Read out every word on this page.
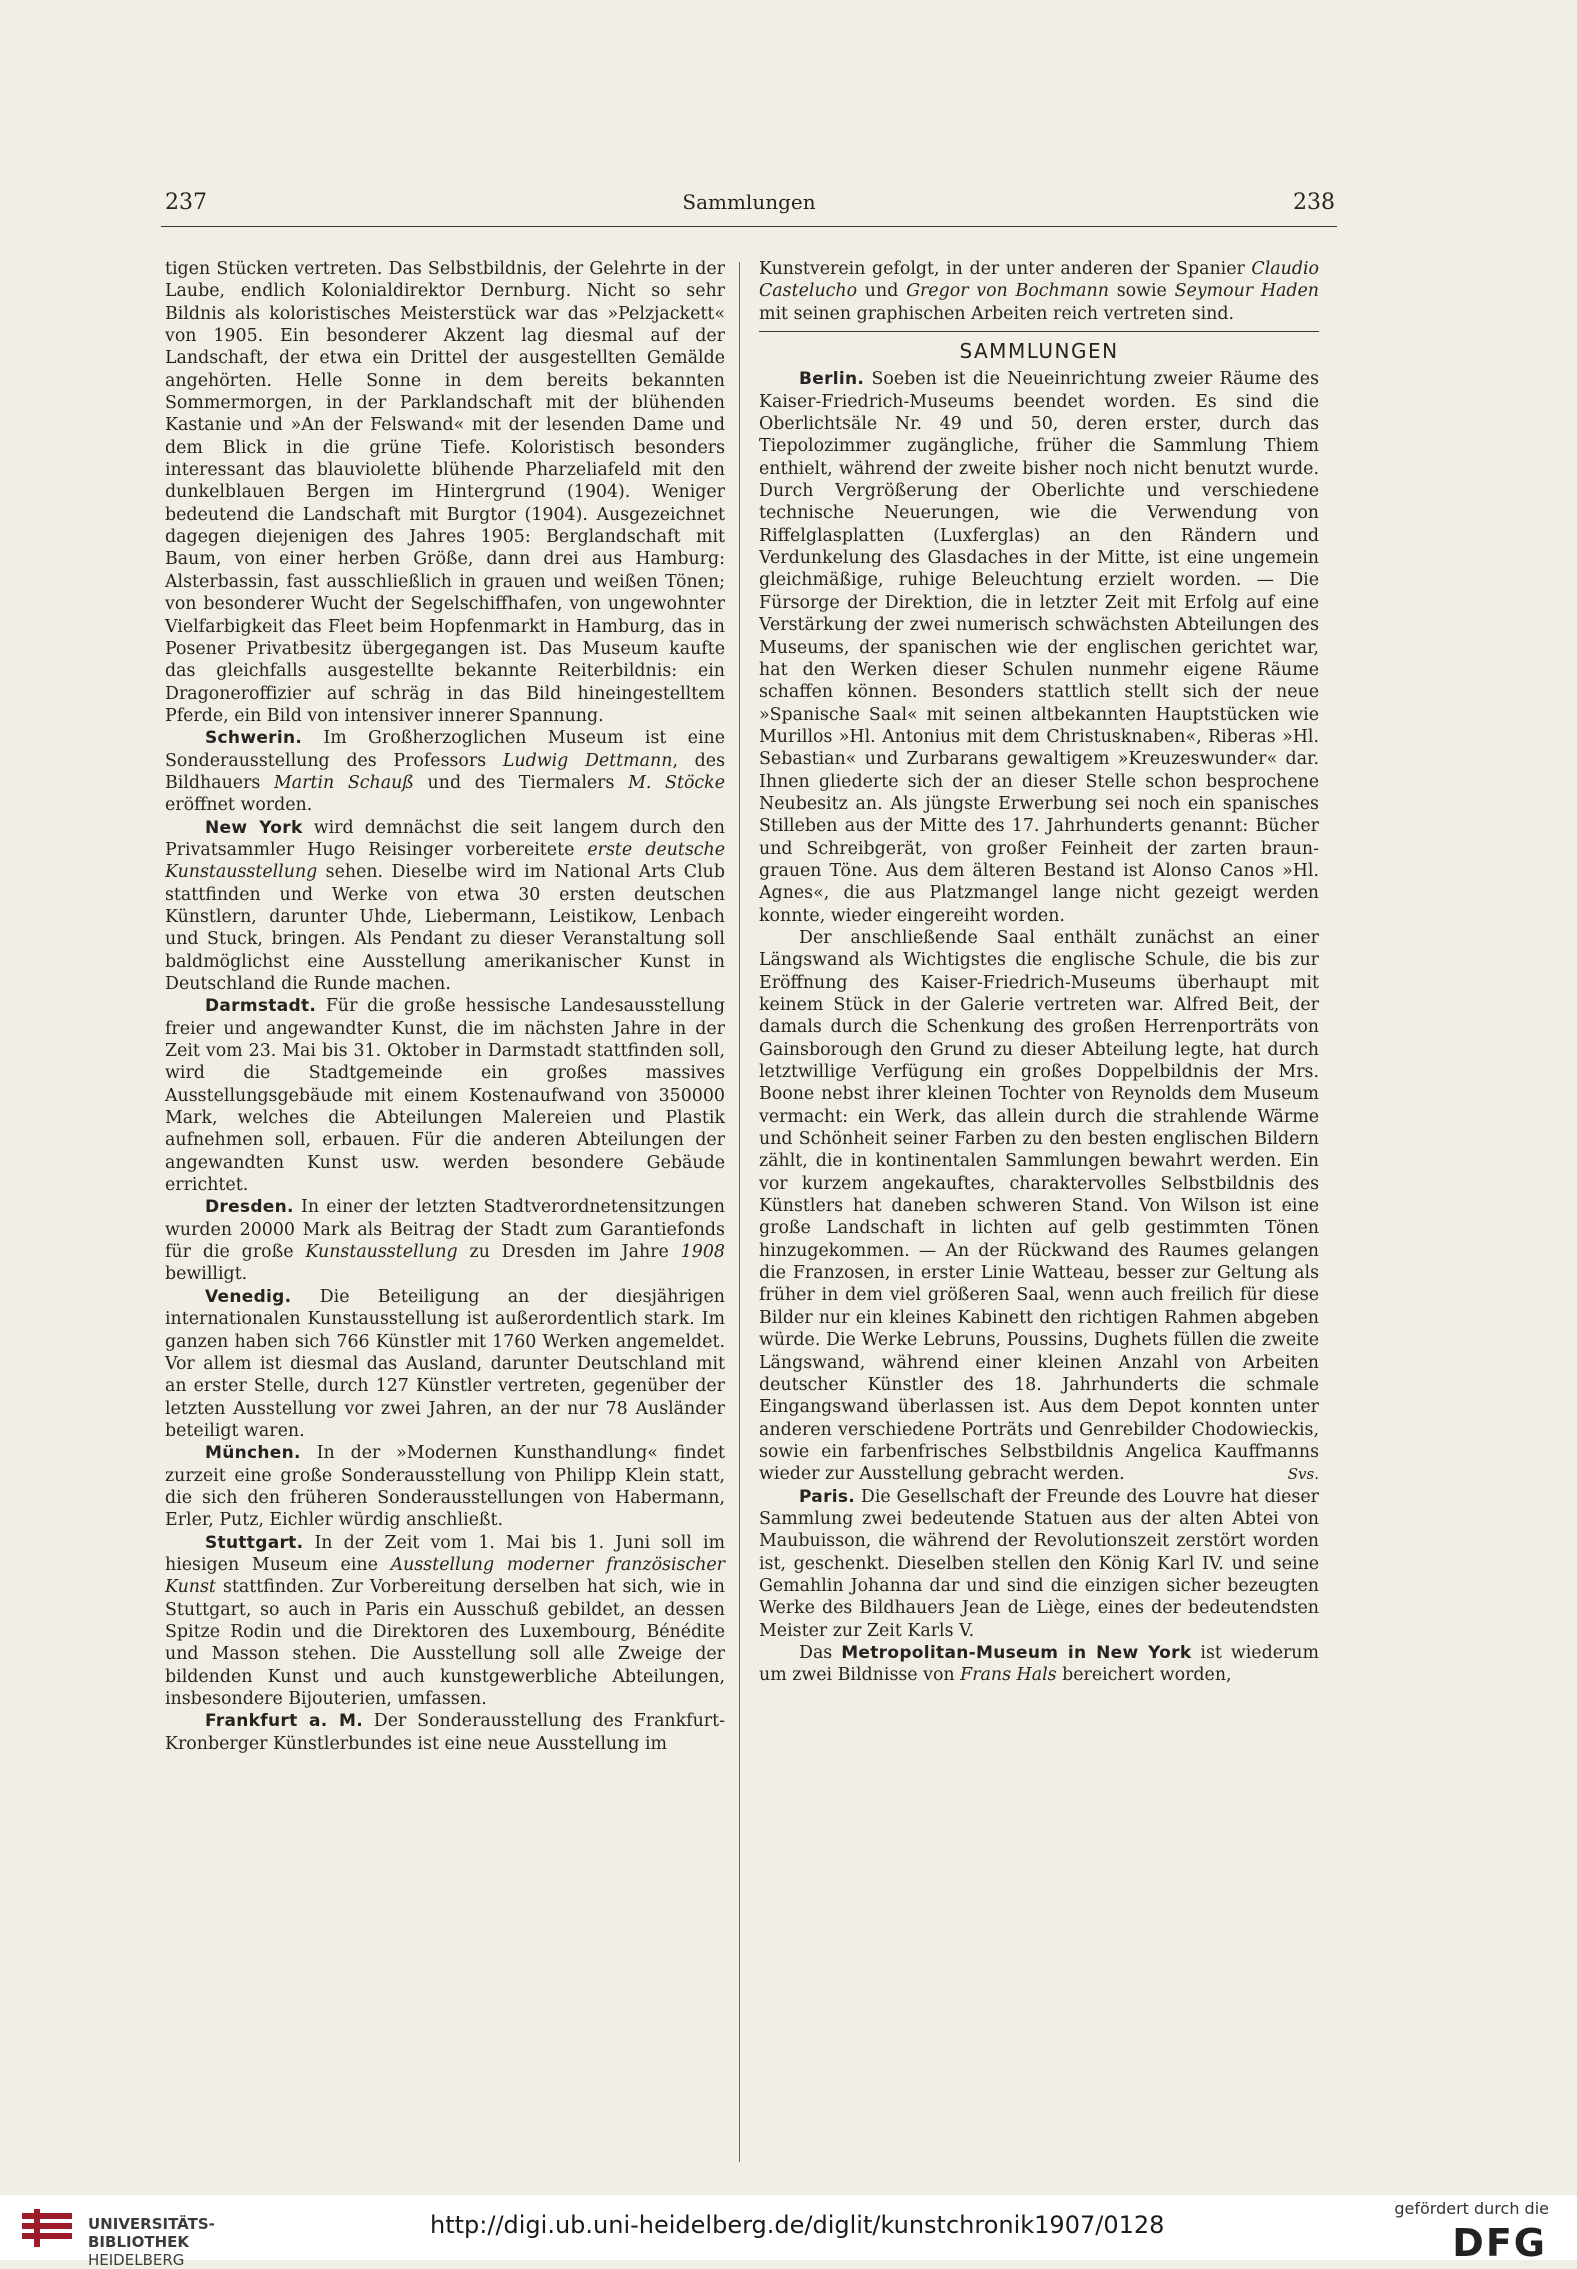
237	Sammlungen	238

tigen Stücken vertreten. Das Selbstbildnis, der Gelehrte in der Laube, endlich Kolonialdirektor Dernburg. Nicht so sehr Bildnis als koloristisches Meisterstück war das »Pelzjackett« von 1905. Ein besonderer Akzent lag diesmal auf der Landschaft, der etwa ein Drittel der ausgestellten Gemälde angehörten. Helle Sonne in dem bereits bekannten Sommermorgen, in der Parklandschaft mit der blühenden Kastanie und »An der Felswand« mit der lesenden Dame und dem Blick in die grüne Tiefe. Koloristisch besonders interessant das blauviolette blühende Pharzeliafeld mit den dunkelblauen Bergen im Hintergrund (1904). Weniger bedeutend die Landschaft mit Burgtor (1904). Ausgezeichnet dagegen diejenigen des Jahres 1905: Berglandschaft mit Baum, von einer herben Größe, dann drei aus Hamburg: Alsterbassin, fast ausschließlich in grauen und weißen Tönen; von besonderer Wucht der Segelschiffhafen, von ungewohnter Vielfarbigkeit das Fleet beim Hopfenmarkt in Hamburg, das in Posener Privatbesitz übergegangen ist. Das Museum kaufte das gleichfalls ausgestellte bekannte Reiterbildnis: ein Dragoneroffizier auf schräg in das Bild hineingestelltem Pferde, ein Bild von intensiver innerer Spannung.

Schwerin. Im Großherzoglichen Museum ist eine Sonderausstellung des Professors Ludwig Dettmann, des Bildhauers Martin Schauß und des Tiermalers M. Stöcke eröffnet worden.

New York wird demnächst die seit langem durch den Privatsammler Hugo Reisinger vorbereitete erste deutsche Kunstausstellung sehen. Dieselbe wird im National Arts Club stattfinden und Werke von etwa 30 ersten deutschen Künstlern, darunter Uhde, Liebermann, Leistikow, Lenbach und Stuck, bringen. Als Pendant zu dieser Veranstaltung soll baldmöglichst eine Ausstellung amerikanischer Kunst in Deutschland die Runde machen.

Darmstadt. Für die große hessische Landesausstellung freier und angewandter Kunst, die im nächsten Jahre in der Zeit vom 23. Mai bis 31. Oktober in Darmstadt stattfinden soll, wird die Stadtgemeinde ein großes massives Ausstellungsgebäude mit einem Kostenaufwand von 350000 Mark, welches die Abteilungen Malereien und Plastik aufnehmen soll, erbauen. Für die anderen Abteilungen der angewandten Kunst usw. werden besondere Gebäude errichtet.

Dresden. In einer der letzten Stadtverordnetensitzungen wurden 20000 Mark als Beitrag der Stadt zum Garantiefonds für die große Kunstausstellung zu Dresden im Jahre 1908 bewilligt.

Venedig. Die Beteiligung an der diesjährigen internationalen Kunstausstellung ist außerordentlich stark. Im ganzen haben sich 766 Künstler mit 1760 Werken angemeldet. Vor allem ist diesmal das Ausland, darunter Deutschland mit an erster Stelle, durch 127 Künstler vertreten, gegenüber der letzten Ausstellung vor zwei Jahren, an der nur 78 Ausländer beteiligt waren.

München. In der »Modernen Kunsthandlung« findet zurzeit eine große Sonderausstellung von Philipp Klein statt, die sich den früheren Sonderausstellungen von Habermann, Erler, Putz, Eichler würdig anschließt.

Stuttgart. In der Zeit vom 1. Mai bis 1. Juni soll im hiesigen Museum eine Ausstellung moderner französischer Kunst stattfinden. Zur Vorbereitung derselben hat sich, wie in Stuttgart, so auch in Paris ein Ausschuß gebildet, an dessen Spitze Rodin und die Direktoren des Luxembourg, Bénédite und Masson stehen. Die Ausstellung soll alle Zweige der bildenden Kunst und auch kunstgewerbliche Abteilungen, insbesondere Bijouterien, umfassen.

Frankfurt a. M. Der Sonderausstellung des Frankfurt-Kronberger Künstlerbundes ist eine neue Ausstellung im

Kunstverein gefolgt, in der unter anderen der Spanier Claudio Castelucho und Gregor von Bochmann sowie Seymour Haden mit seinen graphischen Arbeiten reich vertreten sind.

SAMMLUNGEN

Berlin. Soeben ist die Neueinrichtung zweier Räume des Kaiser-Friedrich-Museums beendet worden. Es sind die Oberlichtsäle Nr. 49 und 50, deren erster, durch das Tiepolozimmer zugängliche, früher die Sammlung Thiem enthielt, während der zweite bisher noch nicht benutzt wurde. Durch Vergrößerung der Oberlichte und verschiedene technische Neuerungen, wie die Verwendung von Riffelglasplatten (Luxferglas) an den Rändern und Verdunkelung des Glasdaches in der Mitte, ist eine ungemein gleichmäßige, ruhige Beleuchtung erzielt worden. — Die Fürsorge der Direktion, die in letzter Zeit mit Erfolg auf eine Verstärkung der zwei numerisch schwächsten Abteilungen des Museums, der spanischen wie der englischen gerichtet war, hat den Werken dieser Schulen nunmehr eigene Räume schaffen können. Besonders stattlich stellt sich der neue »Spanische Saal« mit seinen altbekannten Hauptstücken wie Murillos »Hl. Antonius mit dem Christusknaben«, Riberas »Hl. Sebastian« und Zurbarans gewaltigem »Kreuzeswunder« dar. Ihnen gliederte sich der an dieser Stelle schon besprochene Neubesitz an. Als jüngste Erwerbung sei noch ein spanisches Stilleben aus der Mitte des 17. Jahrhunderts genannt: Bücher und Schreibgerät, von großer Feinheit der zarten braun-grauen Töne. Aus dem älteren Bestand ist Alonso Canos »Hl. Agnes«, die aus Platzmangel lange nicht gezeigt werden konnte, wieder eingereiht worden.

Der anschließende Saal enthält zunächst an einer Längswand als Wichtigstes die englische Schule, die bis zur Eröffnung des Kaiser-Friedrich-Museums überhaupt mit keinem Stück in der Galerie vertreten war. Alfred Beit, der damals durch die Schenkung des großen Herrenporträts von Gainsborough den Grund zu dieser Abteilung legte, hat durch letztwillige Verfügung ein großes Doppelbildnis der Mrs. Boone nebst ihrer kleinen Tochter von Reynolds dem Museum vermacht: ein Werk, das allein durch die strahlende Wärme und Schönheit seiner Farben zu den besten englischen Bildern zählt, die in kontinentalen Sammlungen bewahrt werden. Ein vor kurzem angekauftes, charaktervolles Selbstbildnis des Künstlers hat daneben schweren Stand. Von Wilson ist eine große Landschaft in lichten auf gelb gestimmten Tönen hinzugekommen. — An der Rückwand des Raumes gelangen die Franzosen, in erster Linie Watteau, besser zur Geltung als früher in dem viel größeren Saal, wenn auch freilich für diese Bilder nur ein kleines Kabinett den richtigen Rahmen abgeben würde. Die Werke Lebruns, Poussins, Dughets füllen die zweite Längswand, während einer kleinen Anzahl von Arbeiten deutscher Künstler des 18. Jahrhunderts die schmale Eingangswand überlassen ist. Aus dem Depot konnten unter anderen verschiedene Porträts und Genrebilder Chodowieckis, sowie ein farbenfrisches Selbstbildnis Angelica Kauffmanns wieder zur Ausstellung gebracht werden.	Svs.

Paris. Die Gesellschaft der Freunde des Louvre hat dieser Sammlung zwei bedeutende Statuen aus der alten Abtei von Maubuisson, die während der Revolutionszeit zerstört worden ist, geschenkt. Dieselben stellen den König Karl IV. und seine Gemahlin Johanna dar und sind die einzigen sicher bezeugten Werke des Bildhauers Jean de Liège, eines der bedeutendsten Meister zur Zeit Karls V.

Das Metropolitan-Museum in New York ist wiederum um zwei Bildnisse von Frans Hals bereichert worden,

UNIVERSITÄTS-
BIBLIOTHEK
HEIDELBERG
http://digi.ub.uni-heidelberg.de/diglit/kunstchronik1907/0128
gefördert durch die
DFG
